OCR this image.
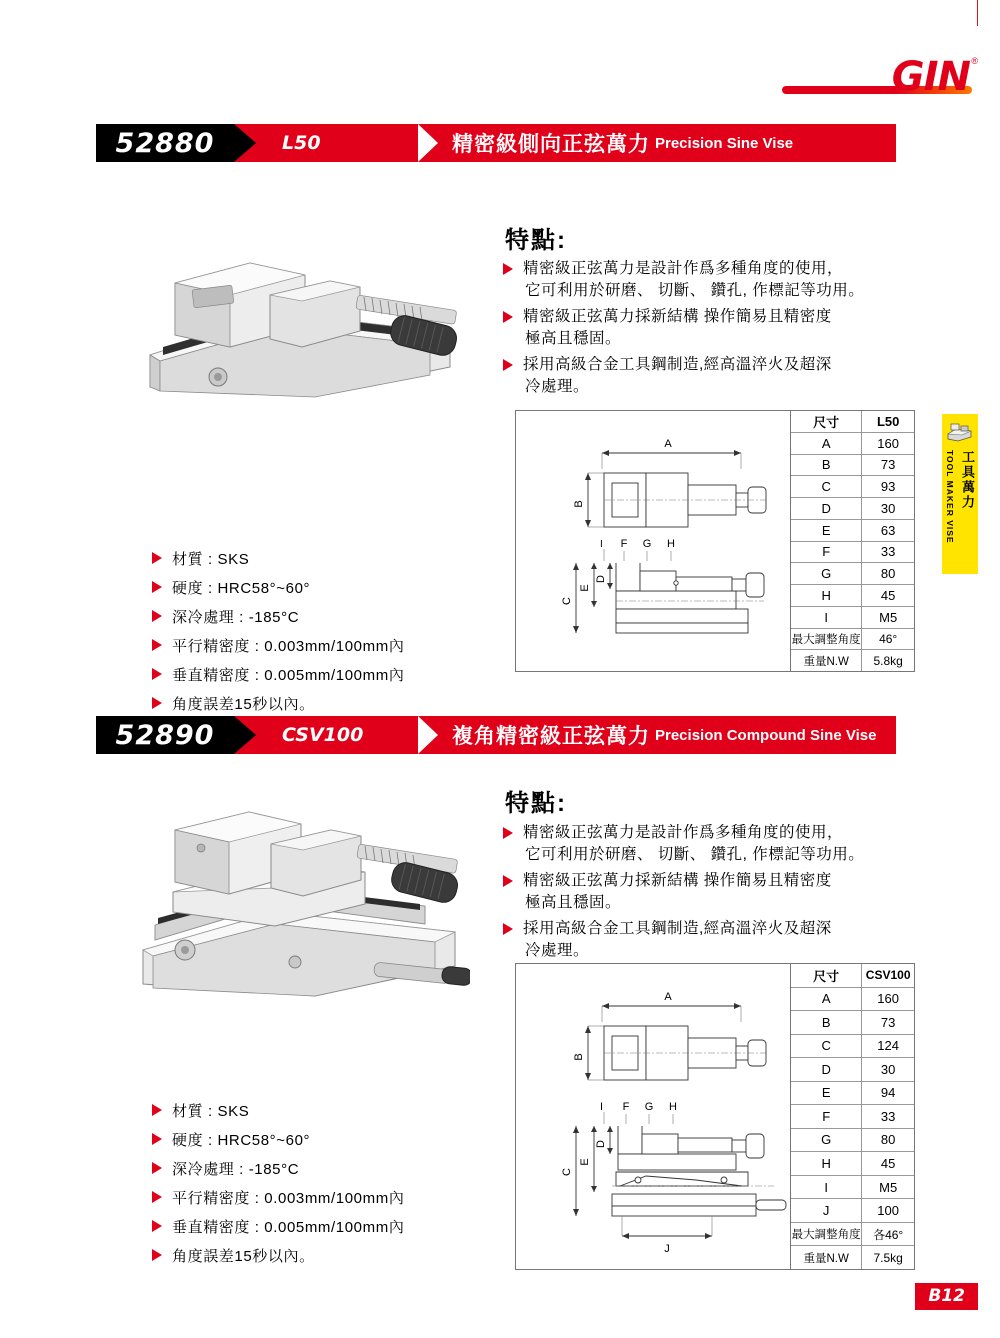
GIN ®
52880	L50	精密級側向正弦萬力 Precision Sine Vise
特點:
精密級正弦萬力是設計作爲多種角度的使用，
它可利用於研磨、 切斷、 鑽孔, 作標記等功用。
精密級正弦萬力採新結構 操作簡易且精密度
極高且穩固。
採用高級合金工具鋼制造,經高溫淬火及超深
冷處理。
材質 : SKS
硬度 : HRC58°~60°
深冷處理 : -185°C
平行精密度 : 0.003mm/100mm內
垂直精密度 : 0.005mm/100mm內
角度誤差15秒以內。
I
A
B
F G H
C
E
D
尺寸	L50
A	160
B	73
C	93
D	30
E	63
F	33
G	80
H	45
I	M5
最大調整角度	46°
重量N.W	5.8kg
TOOL MAKER VISE 工具萬力
52890	CSV100	複角精密級正弦萬力 Precision Compound Sine Vise
特點:
精密級正弦萬力是設計作爲多種角度的使用，
它可利用於研磨、 切斷、 鑽孔, 作標記等功用。
精密級正弦萬力採新結構 操作簡易且精密度
極高且穩固。
採用高級合金工具鋼制造,經高溫淬火及超深
冷處理。
材質 : SKS
硬度 : HRC58°~60°
深冷處理 : -185°C
平行精密度 : 0.003mm/100mm內
垂直精密度 : 0.005mm/100mm內
角度誤差15秒以內。
A
B
I F G H
C
E
D
J
尺寸	CSV100
A	160
B	73
C	124
D	30
E	94
F	33
G	80
H	45
I	M5
J	100
最大調整角度	各46°
重量N.W	7.5kg
B12
